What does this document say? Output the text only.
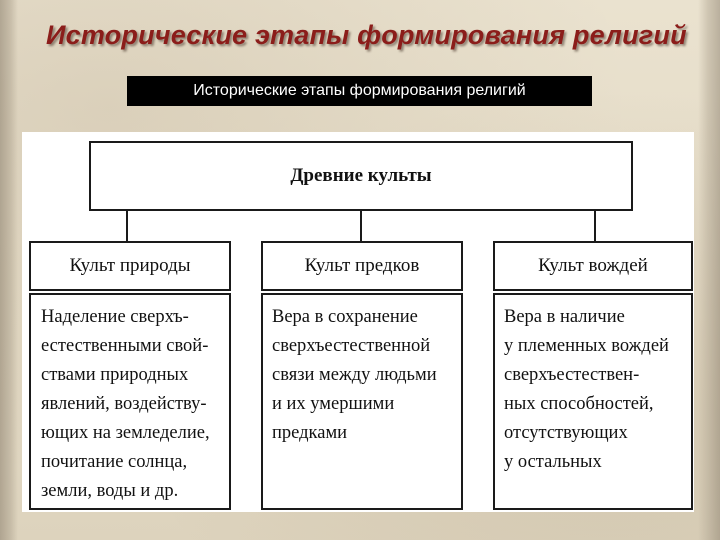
Исторические этапы формирования религий
Исторические этапы формирования религий
Древние культы
Культ природы	Культ предков	Культ вождей
Наделение сверхъ-
естественными свой-
ствами природных
явлений, воздейству-
ющих на земледелие,
почитание солнца,
земли, воды и др.
Вера в сохранение
сверхъестественной
связи между людьми
и их умершими
предками
Вера в наличие
у племенных вождей
сверхъестествен-
ных способностей,
отсутствующих
у остальных
